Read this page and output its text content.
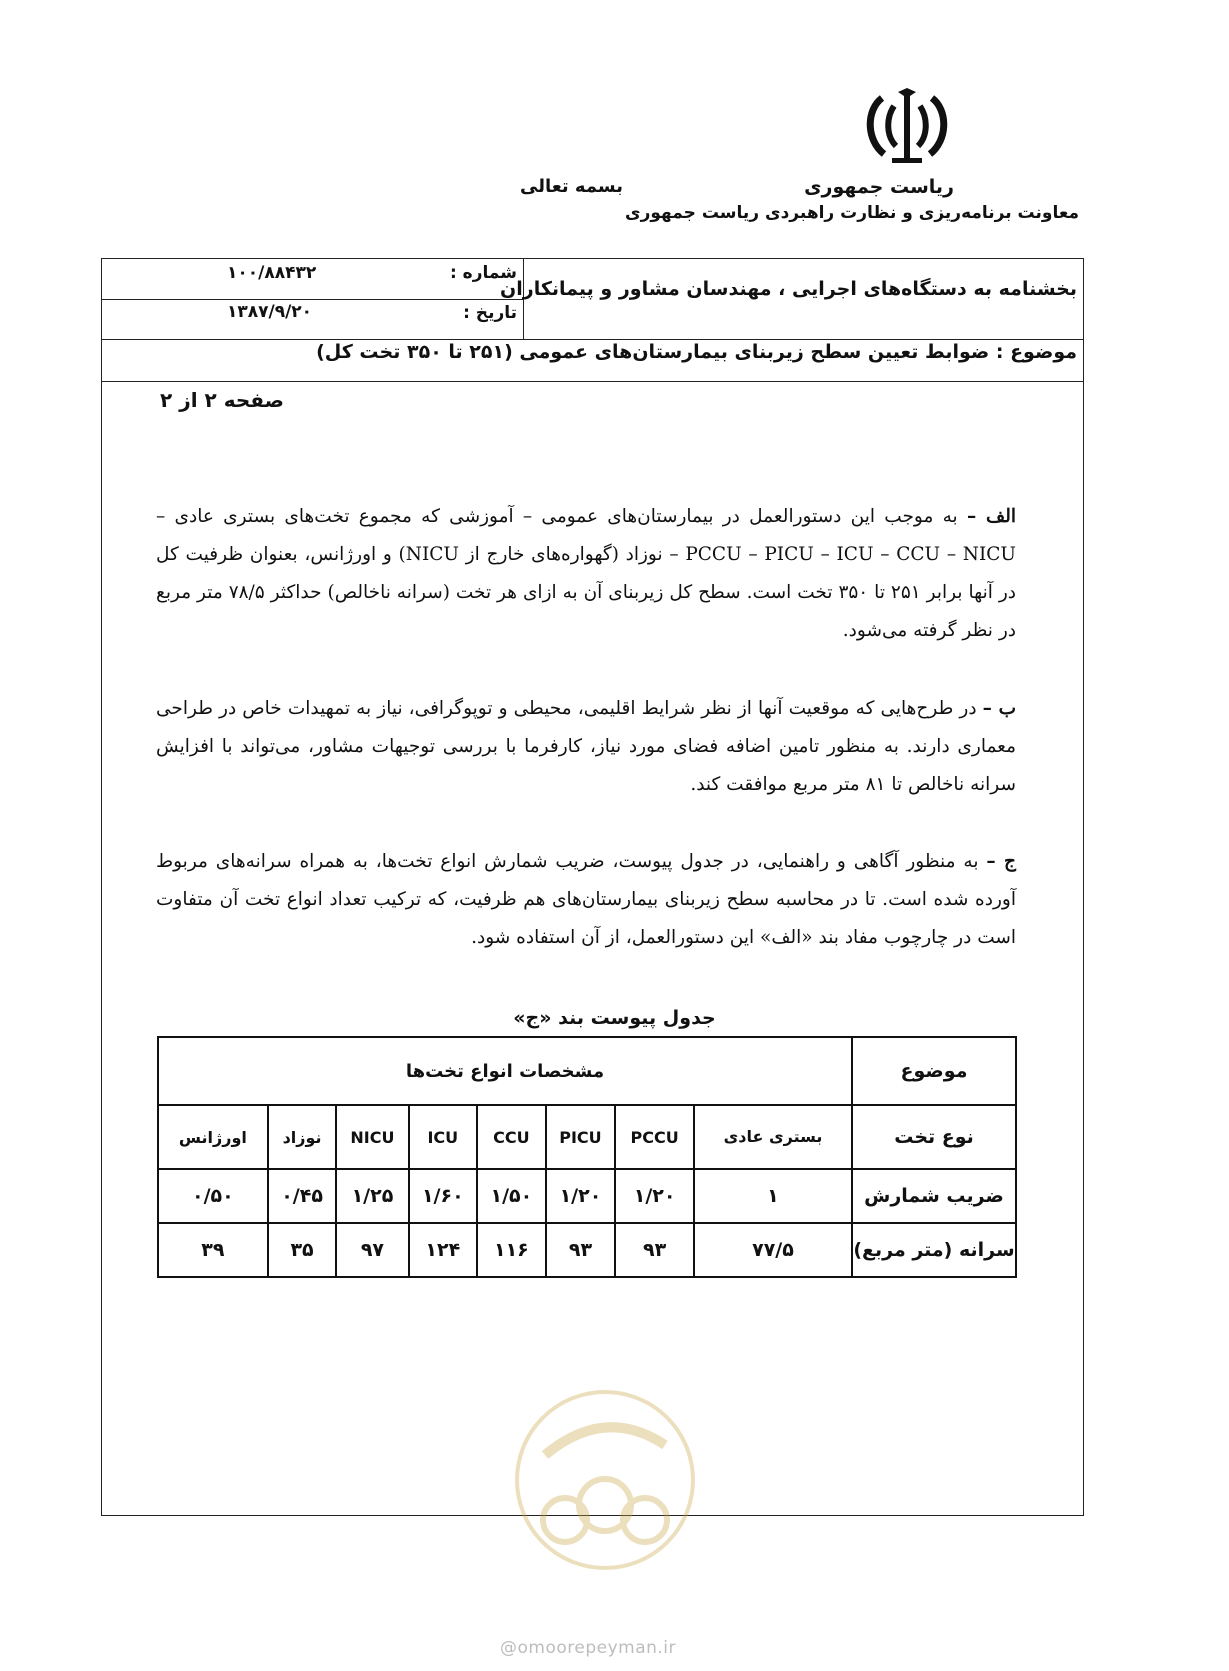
ریاست جمهوری
معاونت برنامه‌ریزی و نظارت راهبردی ریاست جمهوری
بسمه تعالی
بخشنامه به دستگاه‌های اجرایی ، مهندسان مشاور و پیمانکاران
شماره :
۱۰۰/۸۸۴۳۲
تاریخ :
۱۳۸۷/۹/۲۰
موضوع : ضوابط تعیین سطح زیربنای بیمارستان‌های عمومی (۲۵۱ تا ۳۵۰ تخت کل)
صفحه ۲ از ۲
الف – به موجب این دستورالعمل در بیمارستان‌های عمومی – آموزشی که مجموع تخت‌های بستری عادی – PCCU – PICU – ICU – CCU – NICU – نوزاد (گهواره‌های خارج از NICU) و اورژانس، بعنوان ظرفیت کل در آنها برابر ۲۵۱ تا ۳۵۰ تخت است. سطح کل زیربنای آن به ازای هر تخت (سرانه ناخالص) حداکثر ۷۸/۵ متر مربع در نظر گرفته می‌شود.
ب – در طرح‌هایی که موقعیت آنها از نظر شرایط اقلیمی، محیطی و توپوگرافی، نیاز به تمهیدات خاص در طراحی معماری دارند. به منظور تامین اضافه فضای مورد نیاز، کارفرما با بررسی توجیهات مشاور، می‌تواند با افزایش سرانه ناخالص تا ۸۱ متر مربع موافقت کند.
ج – به منظور آگاهی و راهنمایی، در جدول پیوست، ضریب شمارش انواع تخت‌ها، به همراه سرانه‌های مربوط آورده شده است. تا در محاسبه سطح زیربنای بیمارستان‌های هم ظرفیت، که ترکیب تعداد انواع تخت آن متفاوت است در چارچوب مفاد بند «الف» این دستورالعمل، از آن استفاده شود.
جدول پیوست بند «ج»
موضوع	مشخصات انواع تخت‌ها							
نوع تخت	بستری عادی	PCCU	PICU	CCU	ICU	NICU	نوزاد	اورژانس
ضریب شمارش	۱	۱/۲۰	۱/۲۰	۱/۵۰	۱/۶۰	۱/۲۵	۰/۴۵	۰/۵۰
سرانه (متر مربع)	۷۷/۵	۹۳	۹۳	۱۱۶	۱۲۴	۹۷	۳۵	۳۹
@omoorepeyman.ir
